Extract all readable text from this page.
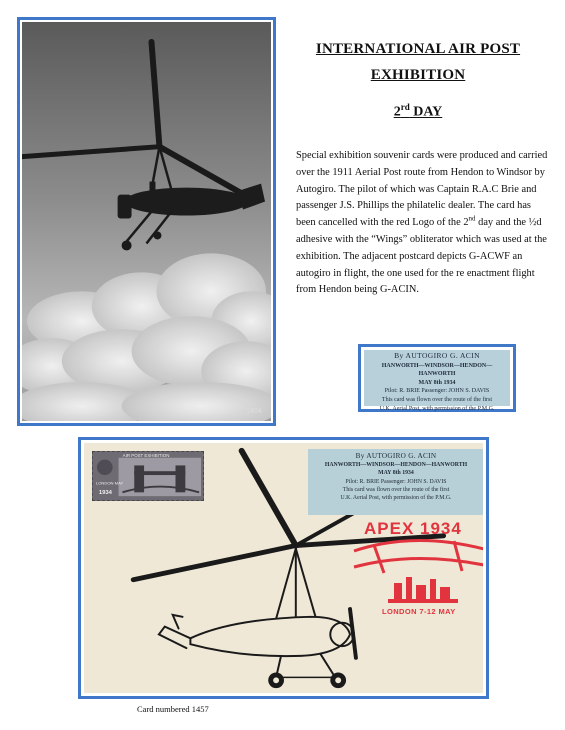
1404
INTERNATIONAL AIR POST
EXHIBITION
2rd DAY
Special exhibition souvenir cards were produced and carried over the 1911 Aerial Post route from Hendon to Windsor by Autogiro. The pilot of which was Captain R.A.C Brie and passenger J.S. Phillips the philatelic dealer. The card has been cancelled with the red Logo of the 2nd day and the ½d adhesive with the “Wings” obliterator which was used at the exhibition. The adjacent postcard depicts G-ACWF an autogiro in flight, the one used for the re enactment flight from Hendon being G-ACIN.
By AUTOGIRO G. ACIN
HANWORTH—WINDSOR—HENDON—HANWORTH
MAY 8th 1934
Pilot: R. BRIE Passenger: JOHN S. DAVIS
This card was flown over the route of the first
U.K. Aerial Post, with permission of the P.M.G.
AIR POST EXHIBITION
LONDON MAY
1934
By AUTOGIRO G. ACIN
HANWORTH—WINDSOR—HENDON—HANWORTH
MAY 8th 1934
Pilot: R. BRIE Passenger: JOHN S. DAVIS
This card was flown over the route of the first
U.K. Aerial Post, with permission of the P.M.G.
APEX 1934
LONDON 7-12 MAY
Card numbered 1457
